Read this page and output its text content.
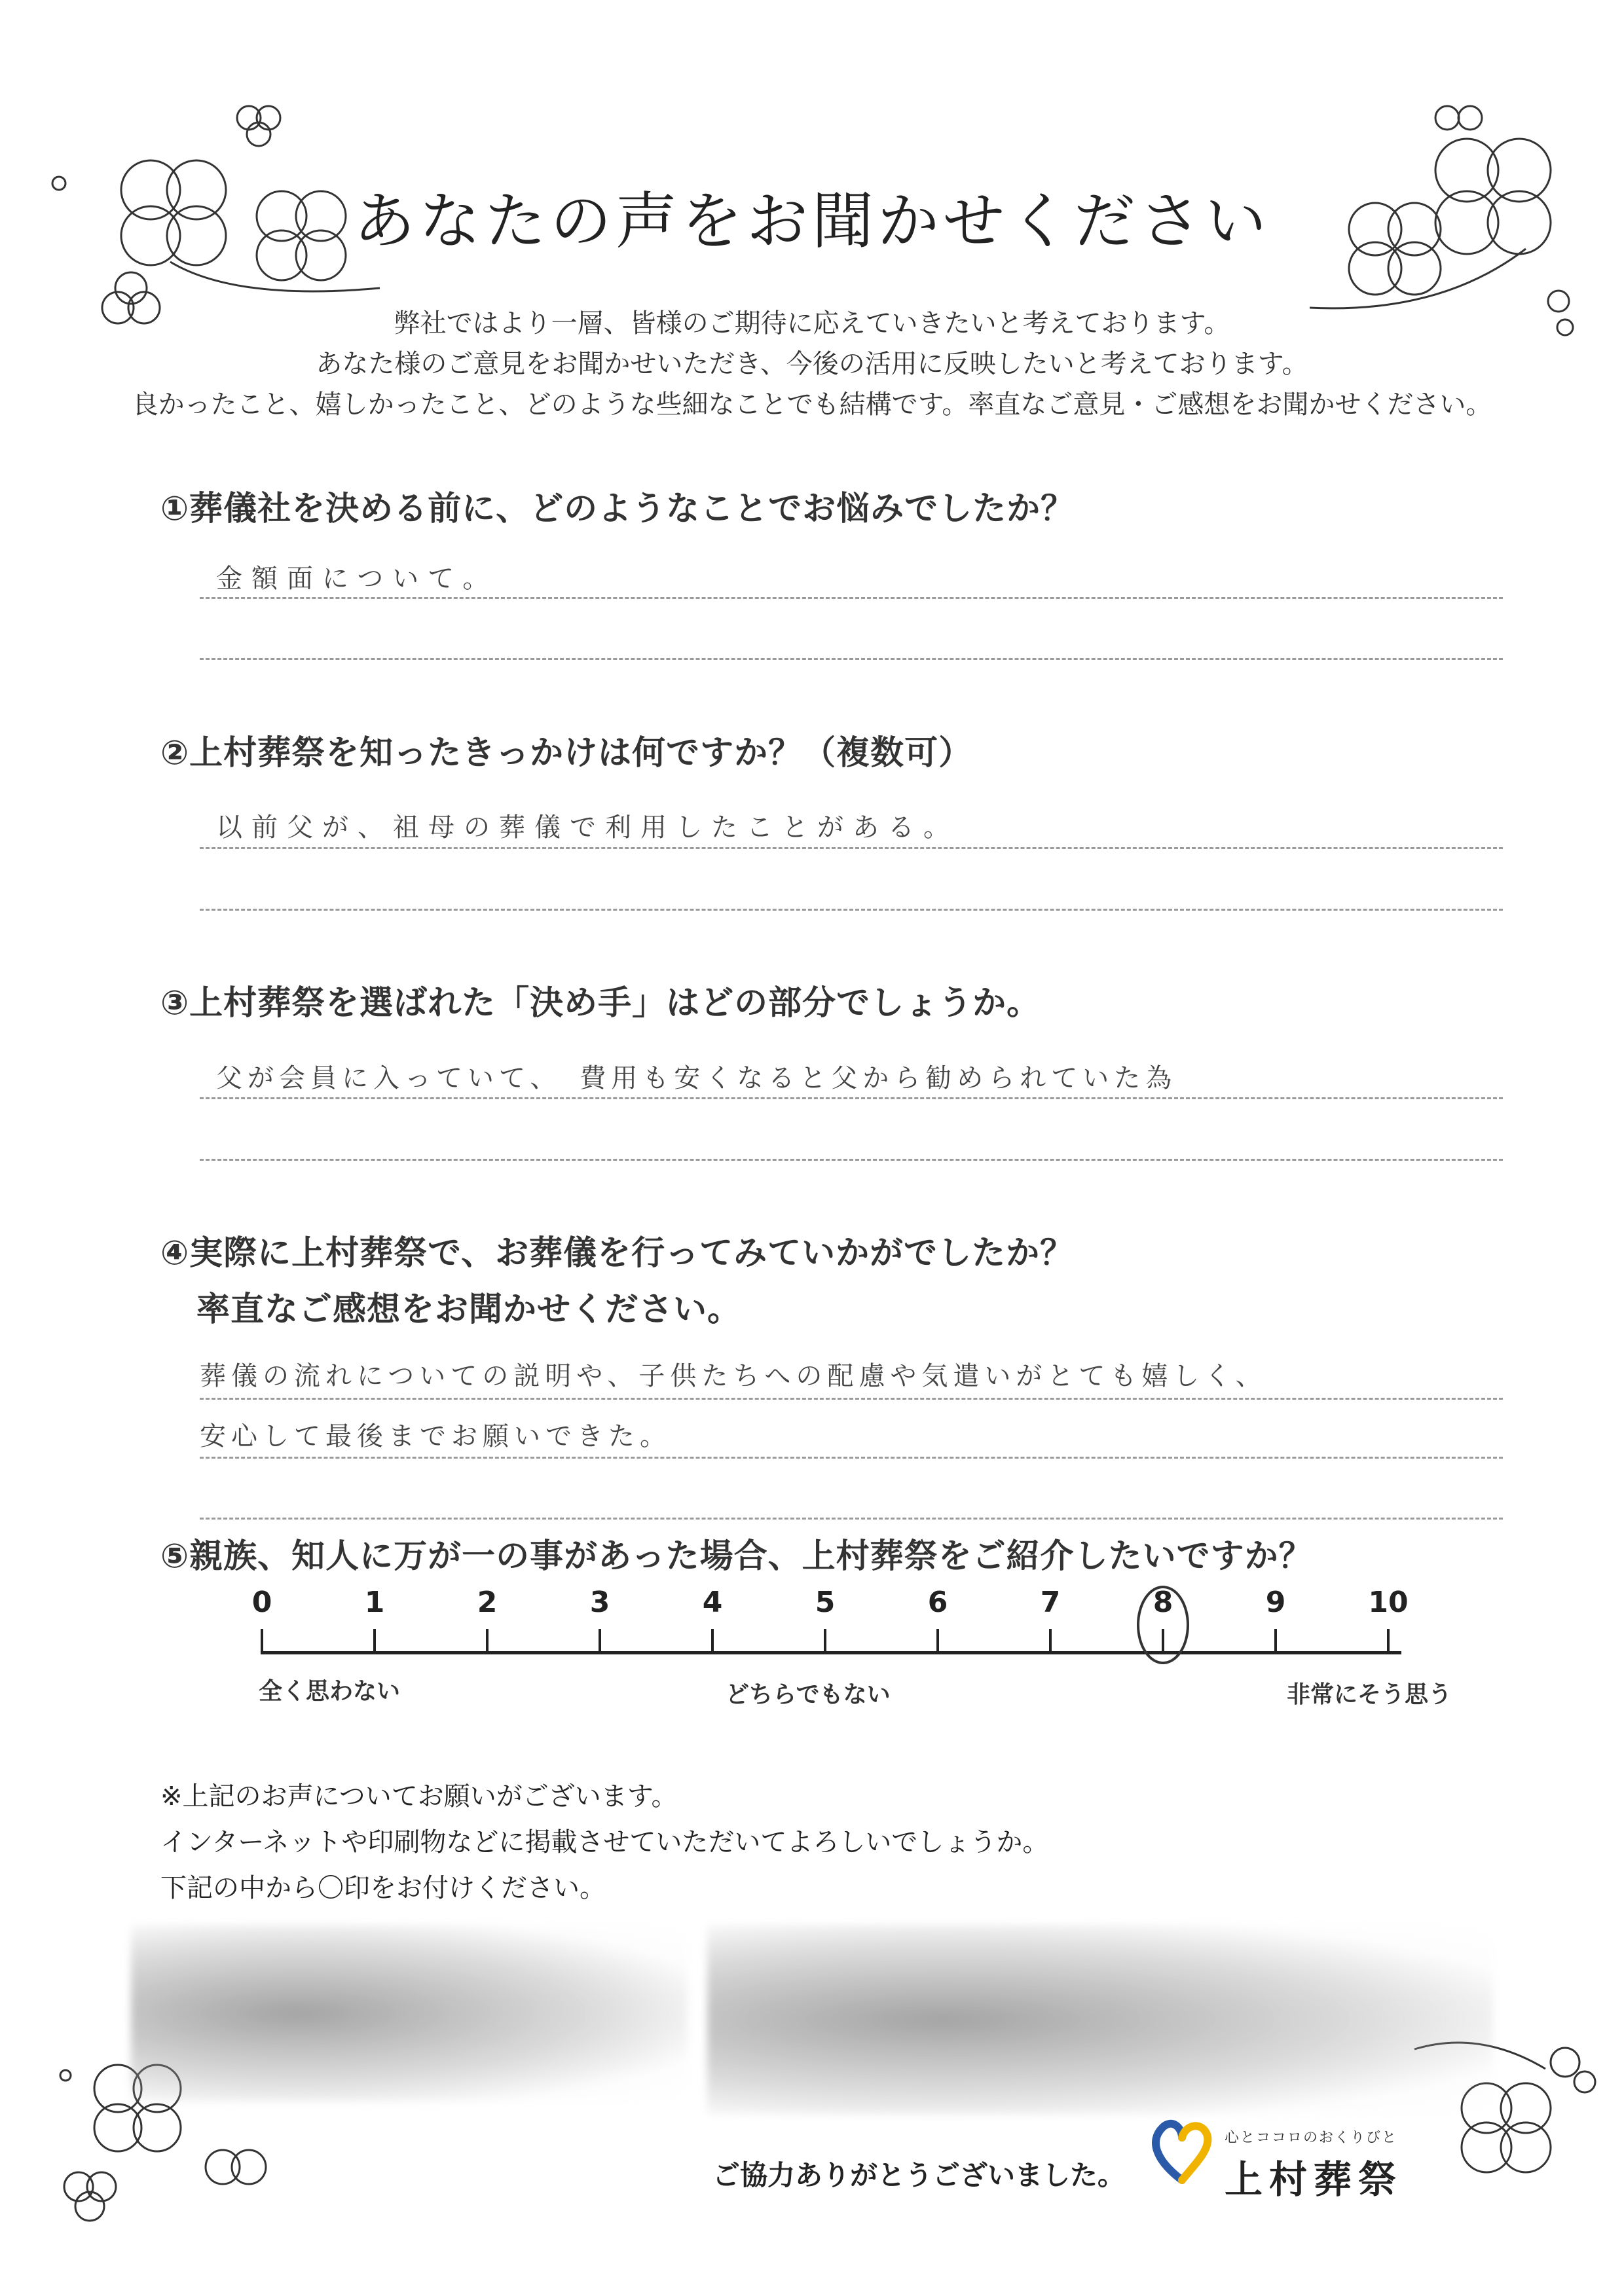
あなたの声をお聞かせください
弊社ではより一層、皆様のご期待に応えていきたいと考えております。
あなた様のご意見をお聞かせいただき、今後の活用に反映したいと考えております。
良かったこと、嬉しかったこと、どのような些細なことでも結構です。率直なご意見・ご感想をお聞かせください。
①葬儀社を決める前に、どのようなことでお悩みでしたか？
金額面について。
②上村葬祭を知ったきっかけは何ですか？（複数可）
以前父が、祖母の葬儀で利用したことがある。
③上村葬祭を選ばれた「決め手」はどの部分でしょうか。
父が会員に入っていて、　費用も安くなると父から勧められていた為
④実際に上村葬祭で、お葬儀を行ってみていかがでしたか？
率直なご感想をお聞かせください。
葬儀の流れについての説明や、子供たちへの配慮や気遣いがとても嬉しく、
安心して最後までお願いできた。
⑤親族、知人に万が一の事があった場合、上村葬祭をご紹介したいですか？
0	1	2	3	4	5	6	7	8	9	10
全く思わない	どちらでもない	非常にそう思う
※上記のお声についてお願いがございます。
インターネットや印刷物などに掲載させていただいてよろしいでしょうか。
下記の中から〇印をお付けください。
ご協力ありがとうございました。
心とココロのおくりびと
上村葬祭
